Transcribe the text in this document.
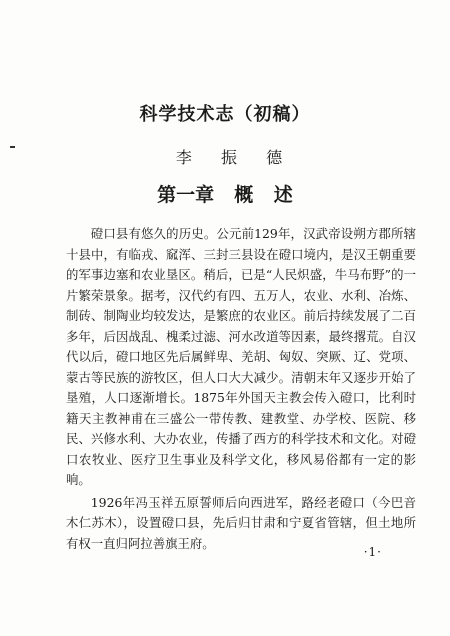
科学技术志（初稿）
李 振 德
第一章 概 述

磴口县有悠久的历史。公元前129年，汉武帝设朔方郡所辖十县中，有临戎、窳浑、三封三县设在磴口境内，是汉王朝重要的军事边塞和农业垦区。稍后，已是“人民炽盛，牛马布野”的一片繁荣景象。据考，汉代约有四、五万人，农业、水利、冶炼、制砖、制陶业均较发达，是繁庶的农业区。前后持续发展了二百多年，后因战乱、槐柔过滤、河水改道等因素，最终撂荒。自汉代以后，磴口地区先后属鲜卑、羌胡、匈奴、突厥、辽、党项、蒙古等民族的游牧区，但人口大大减少。清朝末年又逐步开始了垦殖，人口逐渐增长。1875年外国天主教会传入磴口，比利时籍天主教神甫在三盛公一带传教、建教堂、办学校、医院、移民、兴修水利、大办农业，传播了西方的科学技术和文化。对磴口农牧业、医疗卫生事业及科学文化，移风易俗都有一定的影响。

1926年冯玉祥五原誓师后向西进军，路经老磴口（今巴音木仁苏木），设置磴口县，先后归甘肃和宁夏省管辖，但土地所有权一直归阿拉善旗王府。

·1·
